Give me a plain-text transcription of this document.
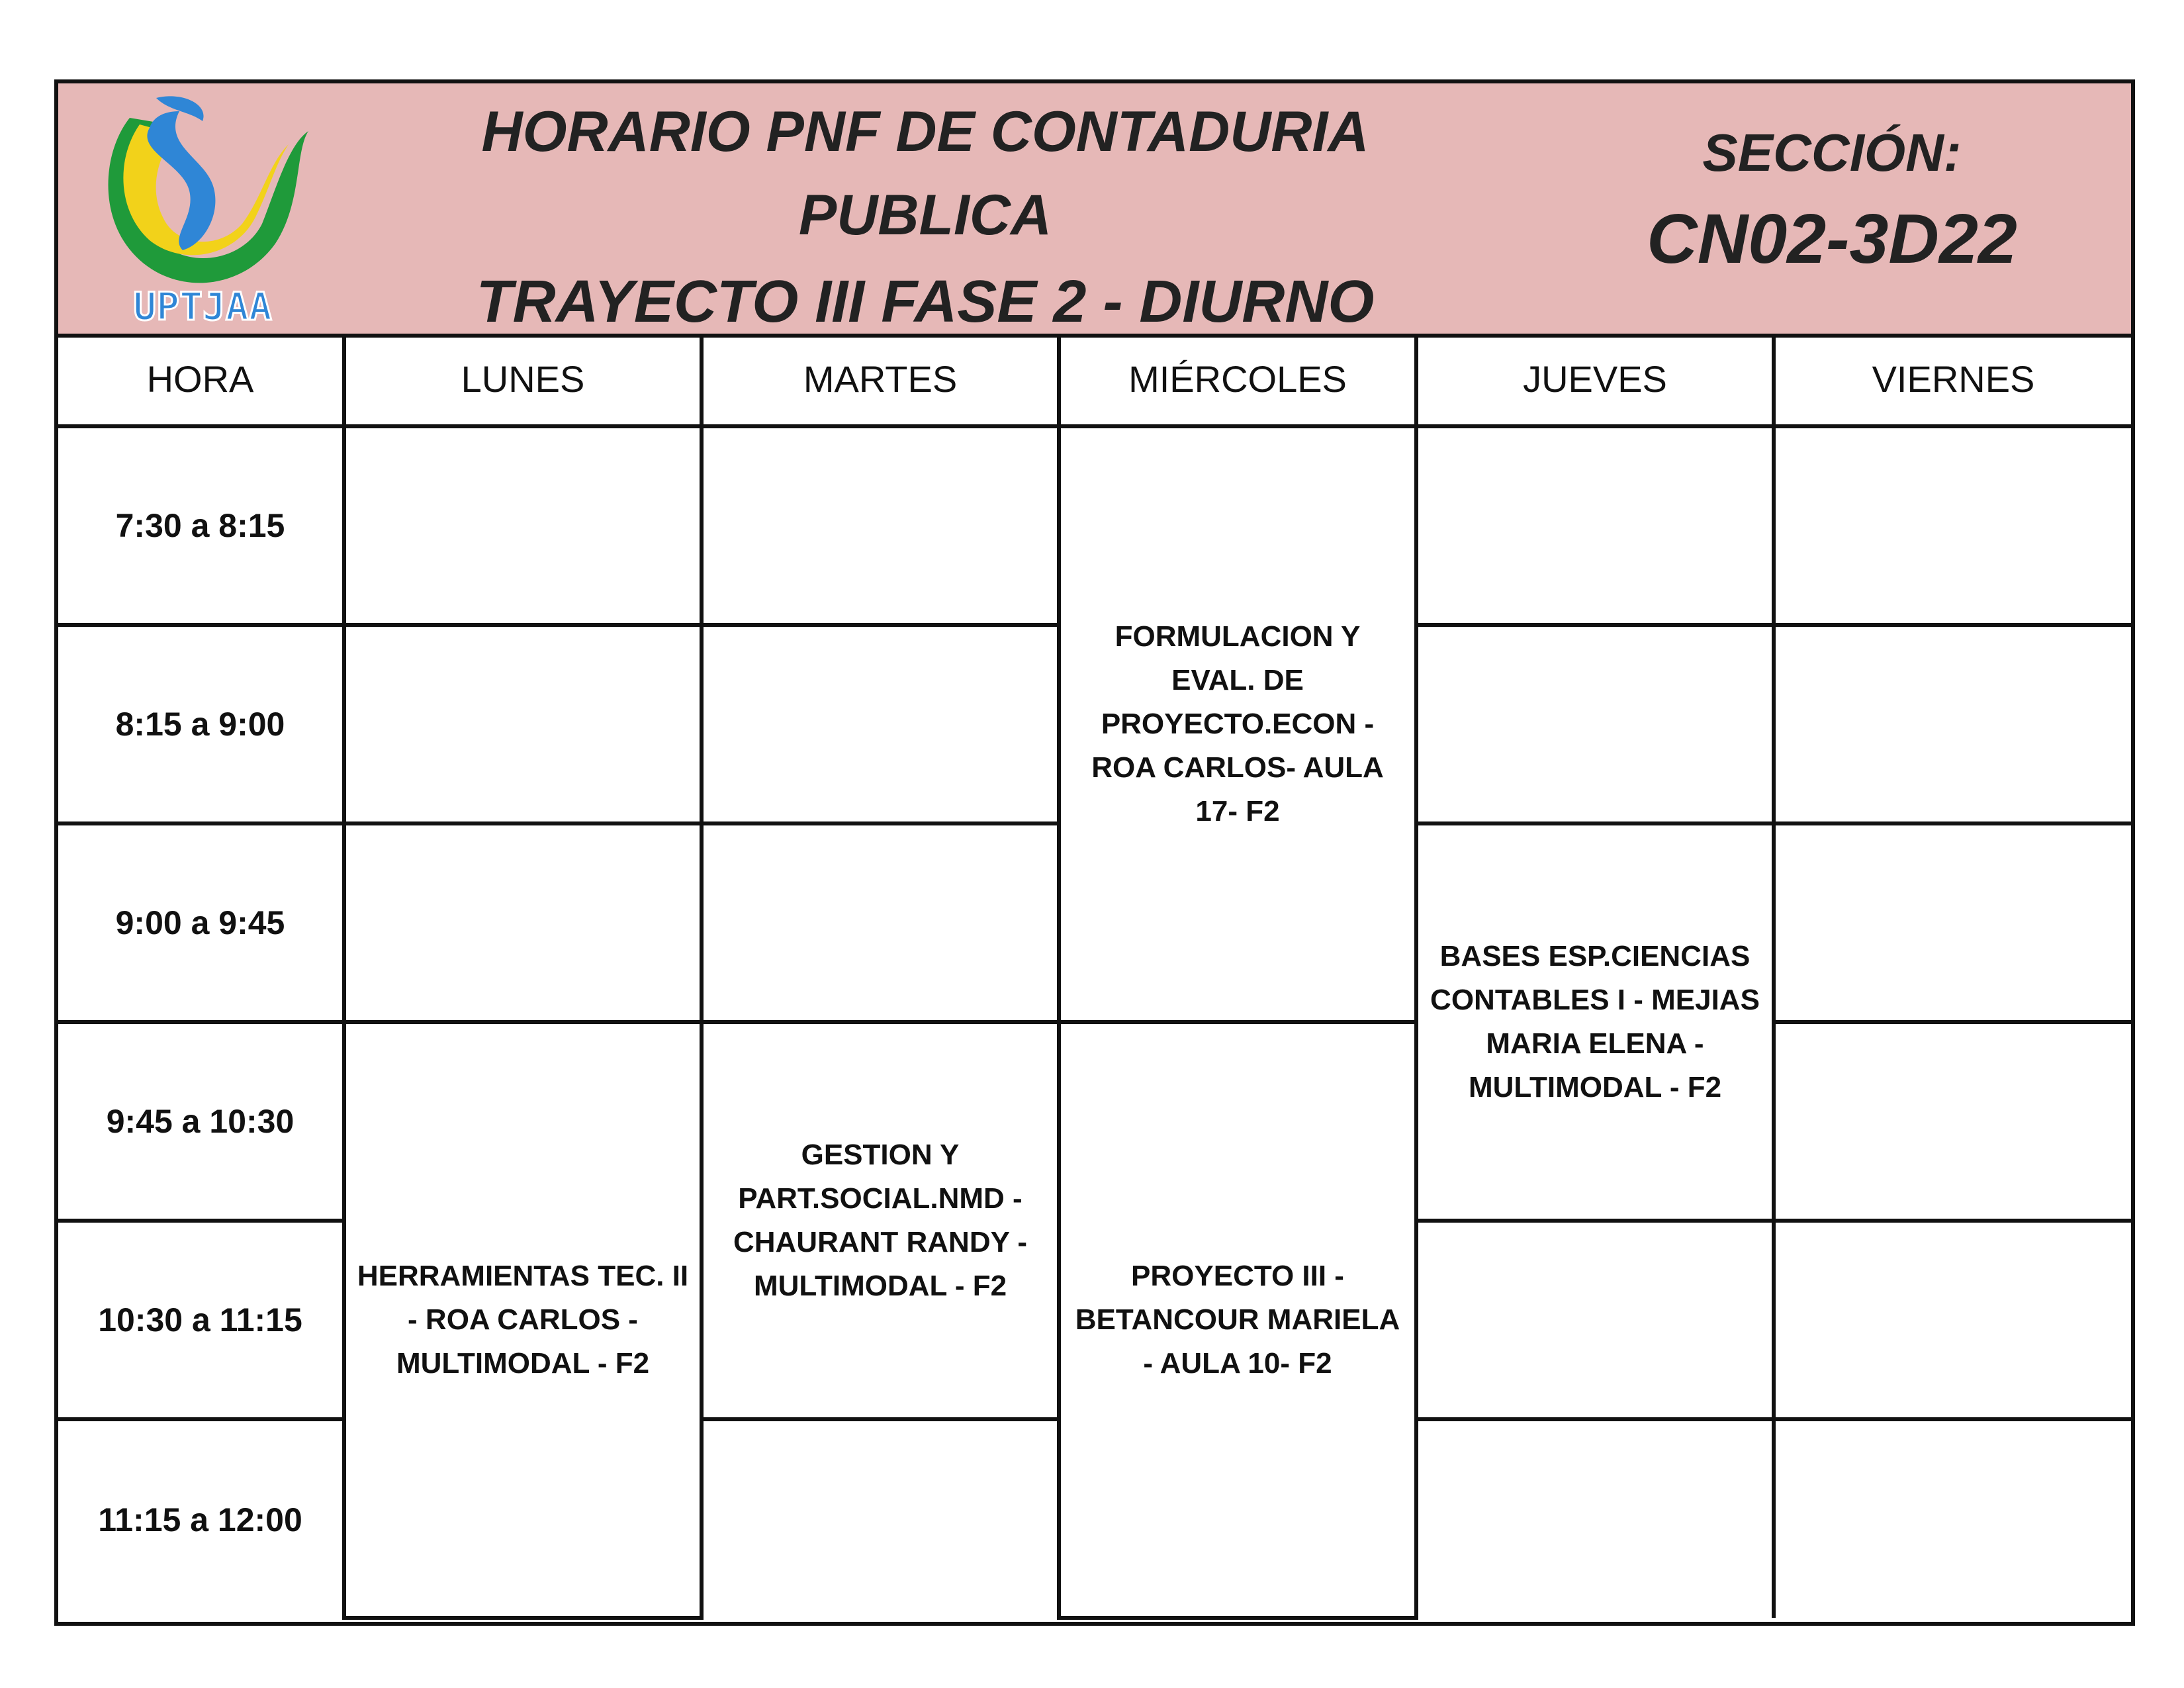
UPTJAA
HORARIO PNF DE CONTADURIA
PUBLICA
TRAYECTO III FASE 2 - DIURNO
SECCIÓN:
CN02-3D22
HORA	LUNES	MARTES	MIÉRCOLES	JUEVES	VIERNES
7:30 a 8:15			FORMULACION Y EVAL. DE PROYECTO.ECON - ROA CARLOS- AULA 17- F2		
8:15 a 9:00					
9:00 a 9:45				BASES ESP.CIENCIAS CONTABLES I - MEJIAS MARIA ELENA - MULTIMODAL - F2	
9:45 a 10:30	HERRAMIENTAS TEC. II - ROA CARLOS - MULTIMODAL - F2	GESTION Y PART.SOCIAL.NMD - CHAURANT RANDY - MULTIMODAL - F2	PROYECTO III - BETANCOUR MARIELA - AULA 10- F2		
10:30 a 11:15					
11:15 a 12:00					
